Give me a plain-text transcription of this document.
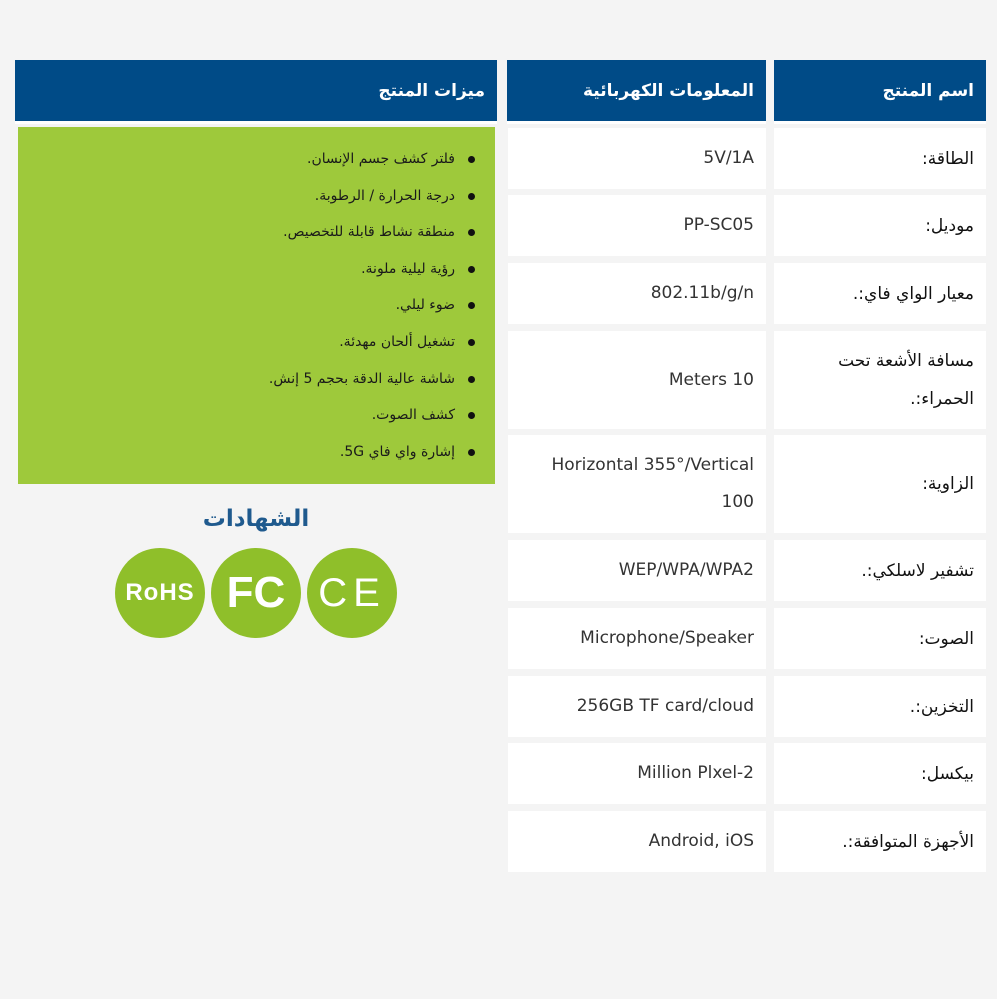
اسم المنتج
المعلومات الكهربائية
ميزات المنتج
الطاقة:
5V/1A
موديل:
PP-SC05
معيار الواي فاي:.
802.11b/g/n
مسافة الأشعة تحت الحمراء:.
Meters 10
الزاوية:
Horizontal 355°/Vertical 100
تشفير لاسلكي:.
WEP/WPA/WPA2
الصوت:
Microphone/Speaker
التخزين:.
256GB TF card/cloud
بيكسل:
Million Plxel-2
الأجهزة المتوافقة:.
Android, iOS
فلتر كشف جسم الإنسان.
درجة الحرارة / الرطوبة.
منطقة نشاط قابلة للتخصيص.
رؤية ليلية ملونة.
ضوء ليلي.
تشغيل ألحان مهدئة.
شاشة عالية الدقة بحجم 5 إنش.
كشف الصوت.
إشارة واي فاي 5G.
الشهادات
RoHS FC CE
